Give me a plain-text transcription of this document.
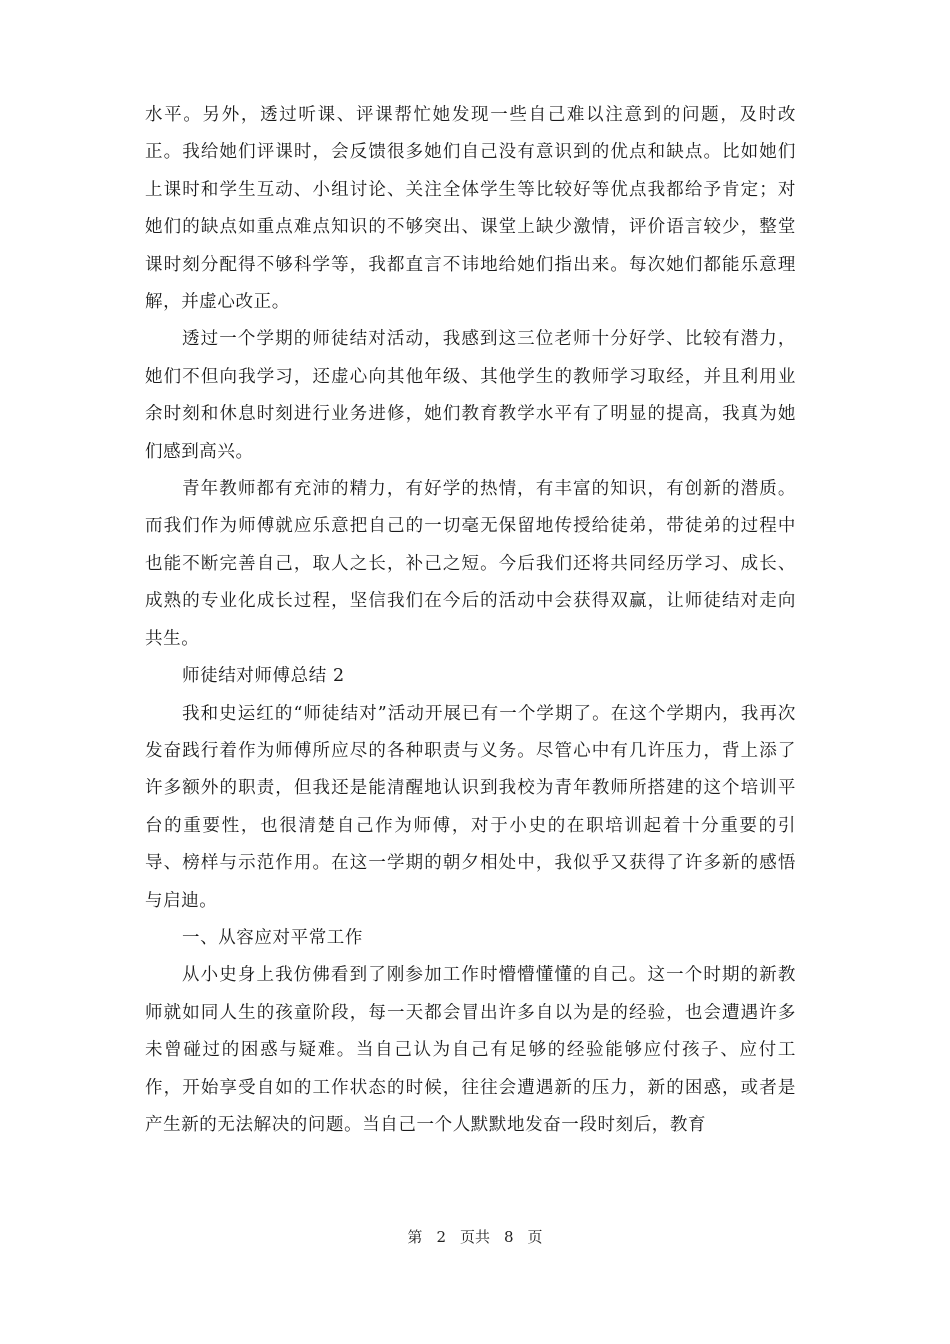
水平。另外，透过听课、评课帮忙她发现一些自己难以注意到的问题，及时改正。我给她们评课时，会反馈很多她们自己没有意识到的优点和缺点。比如她们上课时和学生互动、小组讨论、关注全体学生等比较好等优点我都给予肯定；对她们的缺点如重点难点知识的不够突出、课堂上缺少激情，评价语言较少，整堂课时刻分配得不够科学等，我都直言不讳地给她们指出来。每次她们都能乐意理解，并虚心改正。

透过一个学期的师徒结对活动，我感到这三位老师十分好学、比较有潜力，她们不但向我学习，还虚心向其他年级、其他学生的教师学习取经，并且利用业余时刻和休息时刻进行业务进修，她们教育教学水平有了明显的提高，我真为她们感到高兴。

青年教师都有充沛的精力，有好学的热情，有丰富的知识，有创新的潜质。而我们作为师傅就应乐意把自己的一切毫无保留地传授给徒弟，带徒弟的过程中也能不断完善自己，取人之长，补己之短。今后我们还将共同经历学习、成长、成熟的专业化成长过程，坚信我们在今后的活动中会获得双赢，让师徒结对走向共生。

师徒结对师傅总结 2

我和史运红的“师徒结对”活动开展已有一个学期了。在这个学期内，我再次发奋践行着作为师傅所应尽的各种职责与义务。尽管心中有几许压力，背上添了许多额外的职责，但我还是能清醒地认识到我校为青年教师所搭建的这个培训平台的重要性，也很清楚自己作为师傅，对于小史的在职培训起着十分重要的引导、榜样与示范作用。在这一学期的朝夕相处中，我似乎又获得了许多新的感悟与启迪。

一、从容应对平常工作

从小史身上我仿佛看到了刚参加工作时懵懵懂懂的自己。这一个时期的新教师就如同人生的孩童阶段，每一天都会冒出许多自以为是的经验，也会遭遇许多未曾碰过的困惑与疑难。当自己认为自己有足够的经验能够应付孩子、应付工作，开始享受自如的工作状态的时候，往往会遭遇新的压力，新的困惑，或者是产生新的无法解决的问题。当自己一个人默默地发奋一段时刻后，教育

第 2 页共 8 页
